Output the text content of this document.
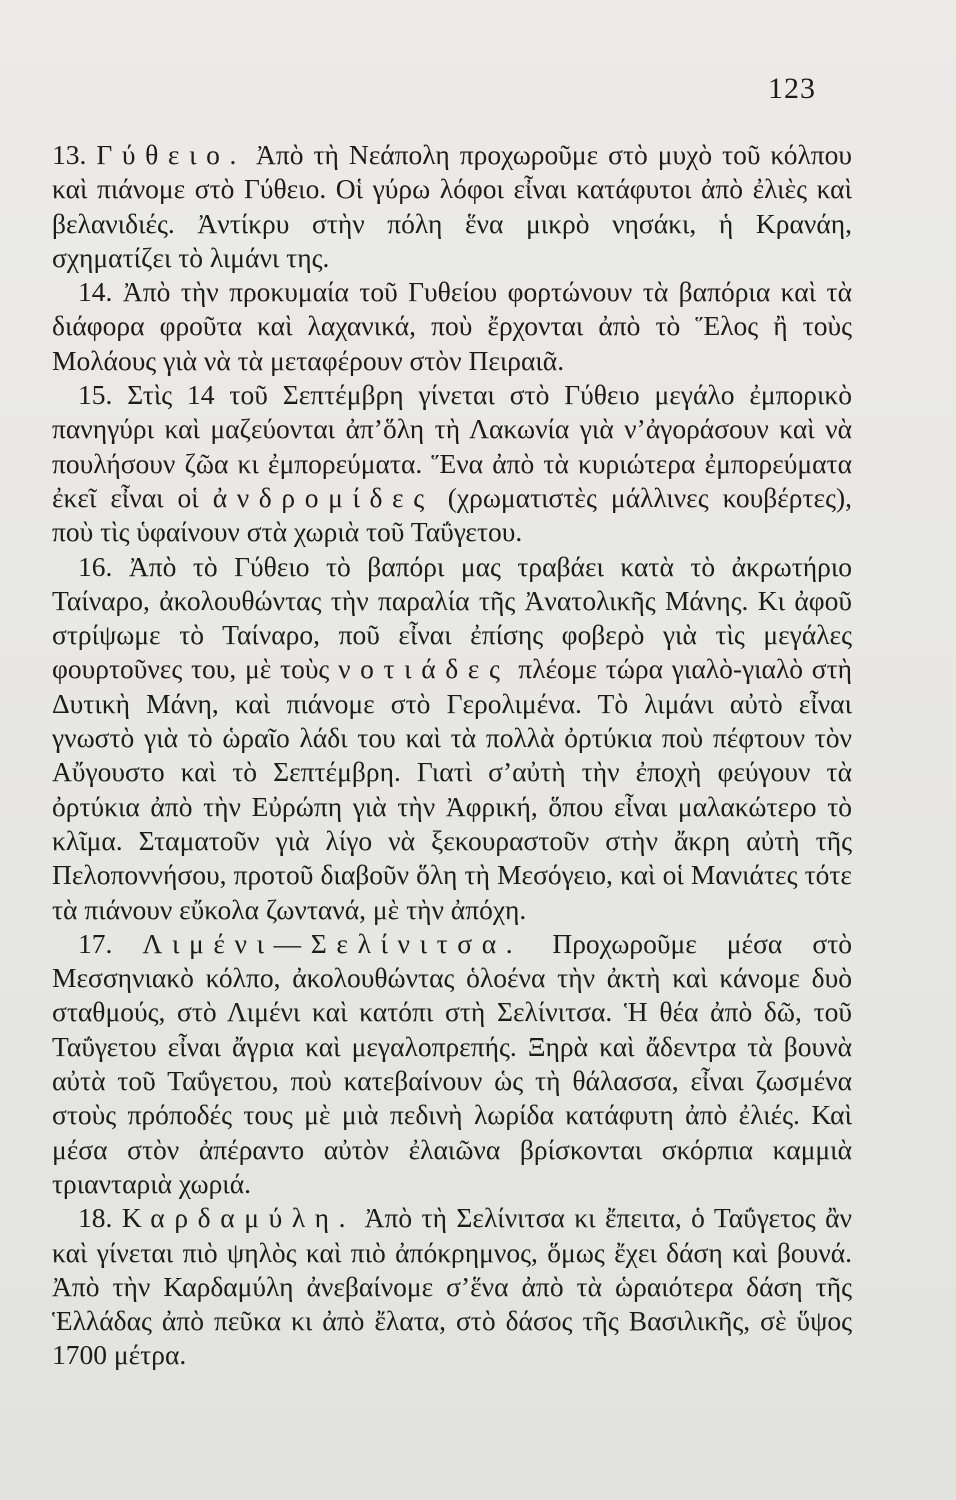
123

13. Γύθειο. Ἀπὸ τὴ Νεάπολη προχωροῦμε στὸ μυχὸ τοῦ κόλπου καὶ πιάνομε στὸ Γύθειο. Οἱ γύρω λόφοι εἶναι κατάφυτοι ἀπὸ ἐλιὲς καὶ βελανιδιές. Ἀντίκρυ στὴν πόλη ἕνα μικρὸ νησάκι, ἡ Κρανάη, σχηματίζει τὸ λιμάνι της.

14. Ἀπὸ τὴν προκυμαία τοῦ Γυθείου φορτώνουν τὰ βαπόρια καὶ τὰ διάφορα φροῦτα καὶ λαχανικά, ποὺ ἔρχονται ἀπὸ τὸ Ἕλος ἢ τοὺς Μολάους γιὰ νὰ τὰ μεταφέρουν στὸν Πειραιᾶ.

15. Στὶς 14 τοῦ Σεπτέμβρη γίνεται στὸ Γύθειο μεγάλο ἐμπορικὸ πανηγύρι καὶ μαζεύονται ἀπ’ὅλη τὴ Λακωνία γιὰ ν’ἀγοράσουν καὶ νὰ πουλήσουν ζῶα κι ἐμπορεύματα. Ἕνα ἀπὸ τὰ κυριώτερα ἐμπορεύματα ἐκεῖ εἶναι οἱ ἀνδρομίδες (χρωματιστὲς μάλλινες κουβέρτες), ποὺ τὶς ὑφαίνουν στὰ χωριὰ τοῦ Ταΰγετου.

16. Ἀπὸ τὸ Γύθειο τὸ βαπόρι μας τραβάει κατὰ τὸ ἀκρωτήριο Ταίναρο, ἀκολουθώντας τὴν παραλία τῆς Ἀνατολικῆς Μάνης. Κι ἀφοῦ στρίψωμε τὸ Ταίναρο, ποῦ εἶναι ἐπίσης φοβερὸ γιὰ τὶς μεγάλες φουρτοῦνες του, μὲ τοὺς νοτιάδες πλέομε τώρα γιαλὸ-γιαλὸ στὴ Δυτικὴ Μάνη, καὶ πιάνομε στὸ Γερολιμένα. Τὸ λιμάνι αὐτὸ εἶναι γνωστὸ γιὰ τὸ ὡραῖο λάδι του καὶ τὰ πολλὰ ὀρτύκια ποὺ πέφτουν τὸν Αὔγουστο καὶ τὸ Σεπτέμβρη. Γιατὶ σ’αὐτὴ τὴν ἐποχὴ φεύγουν τὰ ὀρτύκια ἀπὸ τὴν Εὐρώπη γιὰ τὴν Ἀφρική, ὅπου εἶναι μαλακώτερο τὸ κλῖμα. Σταματοῦν γιὰ λίγο νὰ ξεκουραστοῦν στὴν ἄκρη αὐτὴ τῆς Πελοποννήσου, προτοῦ διαβοῦν ὅλη τὴ Μεσόγειο, καὶ οἱ Μανιάτες τότε τὰ πιάνουν εὔκολα ζωντανά, μὲ τὴν ἀπόχη.

17. Λιμένι—Σελίνιτσα. Προχωροῦμε μέσα στὸ Μεσσηνιακὸ κόλπο, ἀκολουθώντας ὁλοένα τὴν ἀκτὴ καὶ κάνομε δυὸ σταθμούς, στὸ Λιμένι καὶ κατόπι στὴ Σελίνιτσα. Ἡ θέα ἀπὸ δῶ, τοῦ Ταΰγετου εἶναι ἄγρια καὶ μεγαλοπρεπής. Ξηρὰ καὶ ἄδεντρα τὰ βουνὰ αὐτὰ τοῦ Ταΰγετου, ποὺ κατεβαίνουν ὡς τὴ θάλασσα, εἶναι ζωσμένα στοὺς πρόποδές τους μὲ μιὰ πεδινὴ λωρίδα κατάφυτη ἀπὸ ἐλιές. Καὶ μέσα στὸν ἀπέραντο αὐτὸν ἐλαιῶνα βρίσκονται σκόρπια καμμιὰ τριανταριὰ χωριά.

18. Καρδαμύλη. Ἀπὸ τὴ Σελίνιτσα κι ἔπειτα, ὁ Ταΰγετος ἂν καὶ γίνεται πιὸ ψηλὸς καὶ πιὸ ἀπόκρημνος, ὅμως ἔχει δάση καὶ βουνά. Ἀπὸ τὴν Καρδαμύλη ἀνεβαίνομε σ’ἕνα ἀπὸ τὰ ὡραιότερα δάση τῆς Ἑλλάδας ἀπὸ πεῦκα κι ἀπὸ ἔλατα, στὸ δάσος τῆς Βασιλικῆς, σὲ ὕψος 1700 μέτρα.
